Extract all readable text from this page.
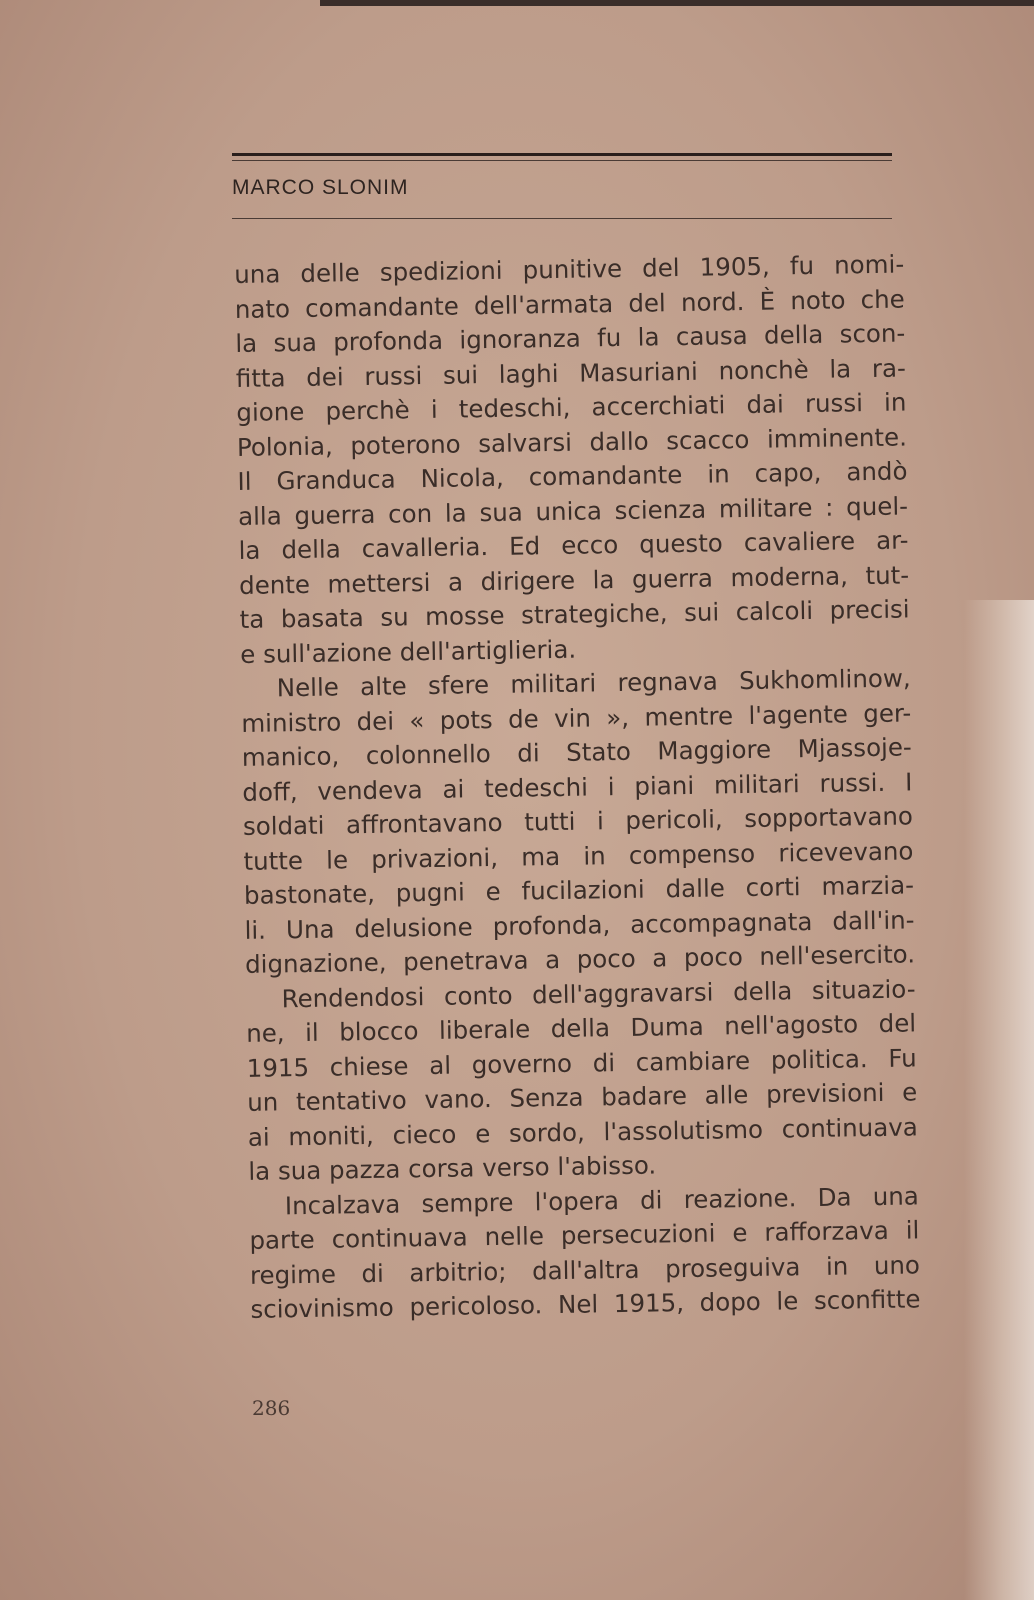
MARCO SLONIM
una delle spedizioni punitive del 1905, fu nomi-
nato comandante dell'armata del nord. È noto che
la sua profonda ignoranza fu la causa della scon-
fitta dei russi sui laghi Masuriani nonchè la ra-
gione perchè i tedeschi, accerchiati dai russi in
Polonia, poterono salvarsi dallo scacco imminente.
Il Granduca Nicola, comandante in capo, andò
alla guerra con la sua unica scienza militare : quel-
la della cavalleria. Ed ecco questo cavaliere ar-
dente mettersi a dirigere la guerra moderna, tut-
ta basata su mosse strategiche, sui calcoli precisi
e sull'azione dell'artiglieria.
Nelle alte sfere militari regnava Sukhomlinow,
ministro dei « pots de vin », mentre l'agente ger-
manico, colonnello di Stato Maggiore Mjassoje-
doff, vendeva ai tedeschi i piani militari russi. I
soldati affrontavano tutti i pericoli, sopportavano
tutte le privazioni, ma in compenso ricevevano
bastonate, pugni e fucilazioni dalle corti marzia-
li. Una delusione profonda, accompagnata dall'in-
dignazione, penetrava a poco a poco nell'esercito.
Rendendosi conto dell'aggravarsi della situazio-
ne, il blocco liberale della Duma nell'agosto del
1915 chiese al governo di cambiare politica. Fu
un tentativo vano. Senza badare alle previsioni e
ai moniti, cieco e sordo, l'assolutismo continuava
la sua pazza corsa verso l'abisso.
Incalzava sempre l'opera di reazione. Da una
parte continuava nelle persecuzioni e rafforzava il
regime di arbitrio; dall'altra proseguiva in uno
sciovinismo pericoloso. Nel 1915, dopo le sconfitte
286
